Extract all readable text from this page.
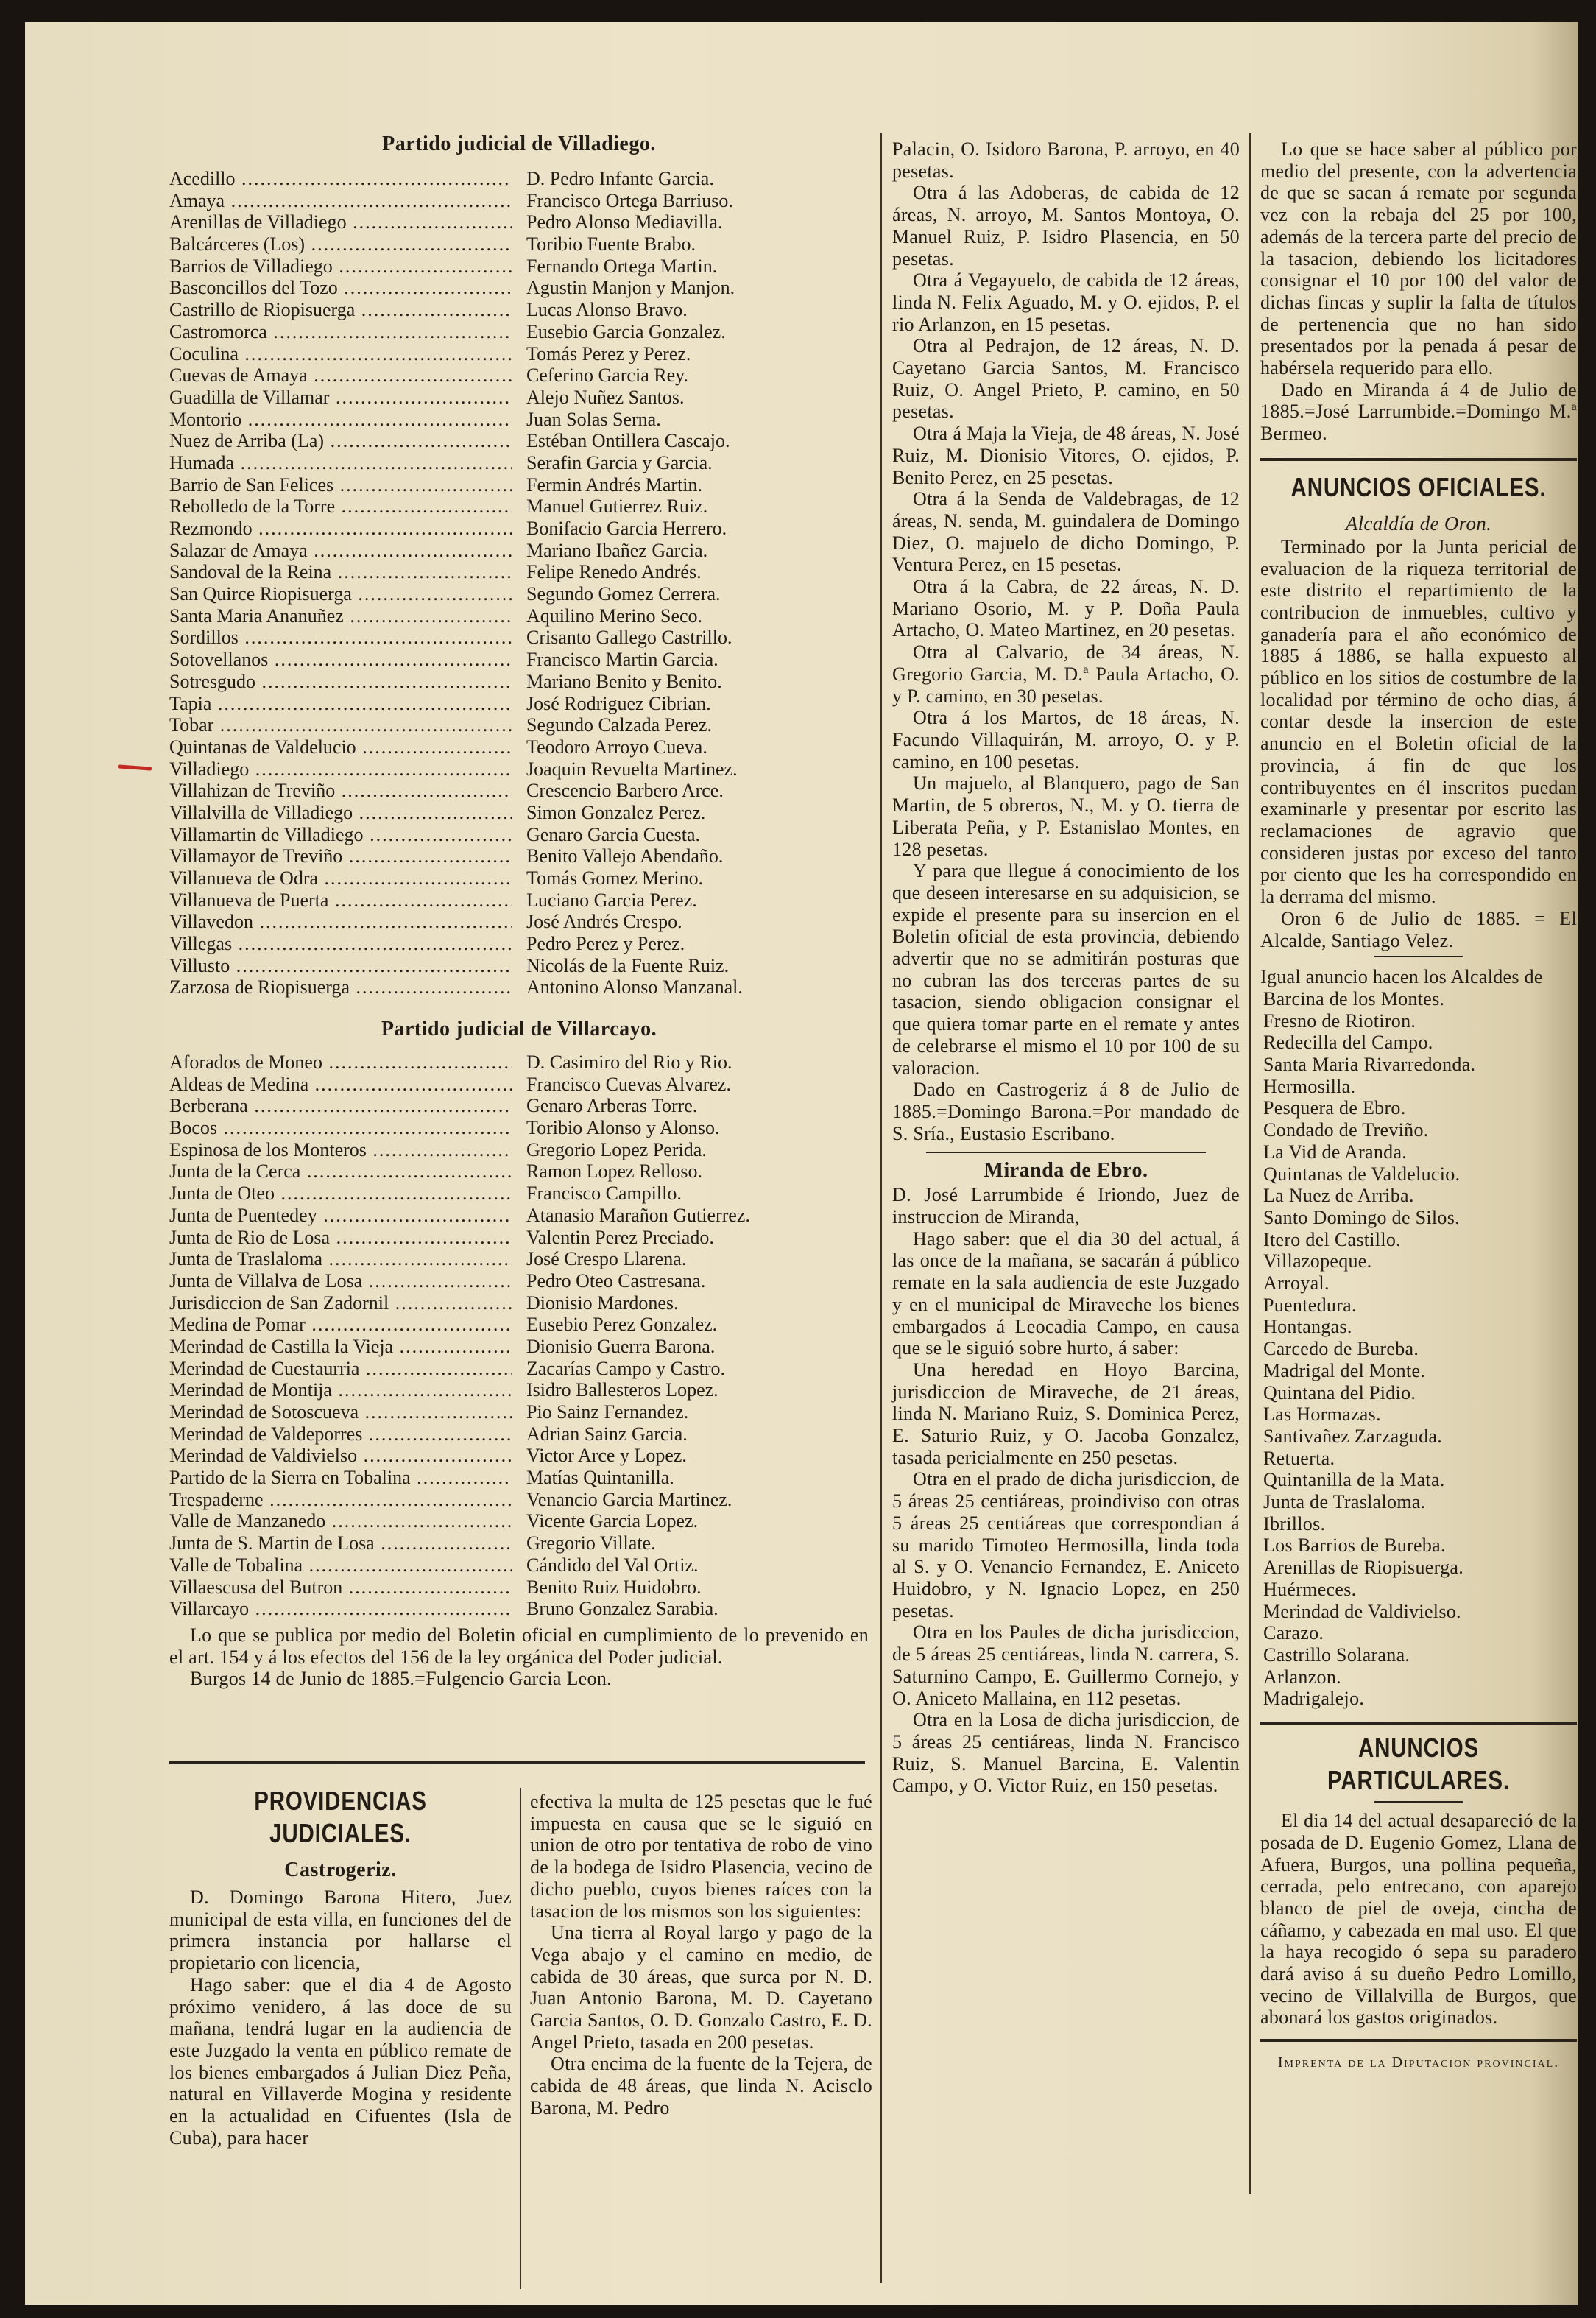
Partido judicial de Villadiego.
Acedillo .....	D. Pedro Infante Garcia.
Amaya .....	Francisco Ortega Barriuso.
Arenillas de Villadiego .....	Pedro Alonso Mediavilla.
Balcárceres (Los) .....	Toribio Fuente Brabo.
Barrios de Villadiego .....	Fernando Ortega Martin.
Basconcillos del Tozo .....	Agustin Manjon y Manjon.
Castrillo de Riopisuerga .....	Lucas Alonso Bravo.
Castromorca .....	Eusebio Garcia Gonzalez.
Coculina .....	Tomás Perez y Perez.
Cuevas de Amaya .....	Ceferino Garcia Rey.
Guadilla de Villamar .....	Alejo Nuñez Santos.
Montorio .....	Juan Solas Serna.
Nuez de Arriba (La) .....	Estéban Ontillera Cascajo.
Humada .....	Serafin Garcia y Garcia.
Barrio de San Felices .....	Fermin Andrés Martin.
Rebolledo de la Torre .....	Manuel Gutierrez Ruiz.
Rezmondo .....	Bonifacio Garcia Herrero.
Salazar de Amaya .....	Mariano Ibañez Garcia.
Sandoval de la Reina .....	Felipe Renedo Andrés.
San Quirce Riopisuerga .....	Segundo Gomez Cerrera.
Santa Maria Ananuñez .....	Aquilino Merino Seco.
Sordillos .....	Crisanto Gallego Castrillo.
Sotovellanos .....	Francisco Martin Garcia.
Sotresgudo .....	Mariano Benito y Benito.
Tapia .....	José Rodriguez Cibrian.
Tobar .....	Segundo Calzada Perez.
Quintanas de Valdelucio .....	Teodoro Arroyo Cueva.
Villadiego .....	Joaquin Revuelta Martinez.
Villahizan de Treviño .....	Crescencio Barbero Arce.
Villalvilla de Villadiego .....	Simon Gonzalez Perez.
Villamartin de Villadiego .....	Genaro Garcia Cuesta.
Villamayor de Treviño .....	Benito Vallejo Abendaño.
Villanueva de Odra .....	Tomás Gomez Merino.
Villanueva de Puerta .....	Luciano Garcia Perez.
Villavedon .....	José Andrés Crespo.
Villegas .....	Pedro Perez y Perez.
Villusto .....	Nicolás de la Fuente Ruiz.
Zarzosa de Riopisuerga .....	Antonino Alonso Manzanal.
Partido judicial de Villarcayo.
Aforados de Moneo .....	D. Casimiro del Rio y Rio.
Aldeas de Medina .....	Francisco Cuevas Alvarez.
Berberana .....	Genaro Arberas Torre.
Bocos .....	Toribio Alonso y Alonso.
Espinosa de los Monteros .....	Gregorio Lopez Perida.
Junta de la Cerca .....	Ramon Lopez Relloso.
Junta de Oteo .....	Francisco Campillo.
Junta de Puentedey .....	Atanasio Marañon Gutierrez.
Junta de Rio de Losa .....	Valentin Perez Preciado.
Junta de Traslaloma .....	José Crespo Llarena.
Junta de Villalva de Losa .....	Pedro Oteo Castresana.
Jurisdiccion de San Zadornil .....	Dionisio Mardones.
Medina de Pomar .....	Eusebio Perez Gonzalez.
Merindad de Castilla la Vieja .....	Dionisio Guerra Barona.
Merindad de Cuestaurria .....	Zacarías Campo y Castro.
Merindad de Montija .....	Isidro Ballesteros Lopez.
Merindad de Sotoscueva .....	Pio Sainz Fernandez.
Merindad de Valdeporres .....	Adrian Sainz Garcia.
Merindad de Valdivielso .....	Victor Arce y Lopez.
Partido de la Sierra en Tobalina .....	Matías Quintanilla.
Trespaderne .....	Venancio Garcia Martinez.
Valle de Manzanedo .....	Vicente Garcia Lopez.
Junta de S. Martin de Losa .....	Gregorio Villate.
Valle de Tobalina .....	Cándido del Val Ortiz.
Villaescusa del Butron .....	Benito Ruiz Huidobro.
Villarcayo .....	Bruno Gonzalez Sarabia.

Lo que se publica por medio del Boletin oficial en cumplimiento de lo prevenido en el art. 154 y á los efectos del 156 de la ley orgánica del Poder judicial.

Burgos 14 de Junio de 1885.=Fulgencio Garcia Leon.

PROVIDENCIAS JUDICIALES.
Castrogeriz.

D. Domingo Barona Hitero, Juez municipal de esta villa, en funciones del de primera instancia por hallarse el propietario con licencia,

Hago saber: que el dia 4 de Agosto próximo venidero, á las doce de su mañana, tendrá lugar en la audiencia de este Juzgado la venta en público remate de los bienes embargados á Julian Diez Peña, natural en Villaverde Mogina y residente en la actualidad en Cifuentes (Isla de Cuba), para hacer

efectiva la multa de 125 pesetas que le fué impuesta en causa que se le siguió en union de otro por tentativa de robo de vino de la bodega de Isidro Plasencia, vecino de dicho pueblo, cuyos bienes raíces con la tasacion de los mismos son los siguientes:

Una tierra al Royal largo y pago de la Vega abajo y el camino en medio, de cabida de 30 áreas, que surca por N. D. Juan Antonio Barona, M. D. Cayetano Garcia Santos, O. D. Gonzalo Castro, E. D. Angel Prieto, tasada en 200 pesetas.

Otra encima de la fuente de la Tejera, de cabida de 48 áreas, que linda N. Acisclo Barona, M. Pedro

Palacin, O. Isidoro Barona, P. arroyo, en 40 pesetas.

Otra á las Adoberas, de cabida de 12 áreas, N. arroyo, M. Santos Montoya, O. Manuel Ruiz, P. Isidro Plasencia, en 50 pesetas.

Otra á Vegayuelo, de cabida de 12 áreas, linda N. Felix Aguado, M. y O. ejidos, P. el rio Arlanzon, en 15 pesetas.

Otra al Pedrajon, de 12 áreas, N. D. Cayetano Garcia Santos, M. Francisco Ruiz, O. Angel Prieto, P. camino, en 50 pesetas.

Otra á Maja la Vieja, de 48 áreas, N. José Ruiz, M. Dionisio Vitores, O. ejidos, P. Benito Perez, en 25 pesetas.

Otra á la Senda de Valdebragas, de 12 áreas, N. senda, M. guindalera de Domingo Diez, O. majuelo de dicho Domingo, P. Ventura Perez, en 15 pesetas.

Otra á la Cabra, de 22 áreas, N. D. Mariano Osorio, M. y P. Doña Paula Artacho, O. Mateo Martinez, en 20 pesetas.

Otra al Calvario, de 34 áreas, N. Gregorio Garcia, M. D.ª Paula Artacho, O. y P. camino, en 30 pesetas.

Otra á los Martos, de 18 áreas, N. Facundo Villaquirán, M. arroyo, O. y P. camino, en 100 pesetas.

Un majuelo, al Blanquero, pago de San Martin, de 5 obreros, N., M. y O. tierra de Liberata Peña, y P. Estanislao Montes, en 128 pesetas.

Y para que llegue á conocimiento de los que deseen interesarse en su adquisicion, se expide el presente para su insercion en el Boletin oficial de esta provincia, debiendo advertir que no se admitirán posturas que no cubran las dos terceras partes de su tasacion, siendo obligacion consignar el que quiera tomar parte en el remate y antes de celebrarse el mismo el 10 por 100 de su valoracion.

Dado en Castrogeriz á 8 de Julio de 1885.=Domingo Barona.=Por mandado de S. Sría., Eustasio Escribano.

Miranda de Ebro.

D. José Larrumbide é Iriondo, Juez de instruccion de Miranda,

Hago saber: que el dia 30 del actual, á las once de la mañana, se sacarán á público remate en la sala audiencia de este Juzgado y en el municipal de Miraveche los bienes embargados á Leocadia Campo, en causa que se le siguió sobre hurto, á saber:

Una heredad en Hoyo Barcina, jurisdiccion de Miraveche, de 21 áreas, linda N. Mariano Ruiz, S. Dominica Perez, E. Saturio Ruiz, y O. Jacoba Gonzalez, tasada pericialmente en 250 pesetas.

Otra en el prado de dicha jurisdiccion, de 5 áreas 25 centiáreas, proindiviso con otras 5 áreas 25 centiáreas que correspondian á su marido Timoteo Hermosilla, linda toda al S. y O. Venancio Fernandez, E. Aniceto Huidobro, y N. Ignacio Lopez, en 250 pesetas.

Otra en los Paules de dicha jurisdiccion, de 5 áreas 25 centiáreas, linda N. carrera, S. Saturnino Campo, E. Guillermo Cornejo, y O. Aniceto Mallaina, en 112 pesetas.

Otra en la Losa de dicha jurisdiccion, de 5 áreas 25 centiáreas, linda N. Francisco Ruiz, S. Manuel Barcina, E. Valentin Campo, y O. Victor Ruiz, en 150 pesetas.

Lo que se hace saber al público por medio del presente, con la advertencia de que se sacan á remate por segunda vez con la rebaja del 25 por 100, además de la tercera parte del precio de la tasacion, debiendo los licitadores consignar el 10 por 100 del valor de dichas fincas y suplir la falta de títulos de pertenencia que no han sido presentados por la penada á pesar de habérsela requerido para ello.

Dado en Miranda á 4 de Julio de 1885.=José Larrumbide.=Domingo M.ª Bermeo.

ANUNCIOS OFICIALES.
Alcaldía de Oron.

Terminado por la Junta pericial de evaluacion de la riqueza territorial de este distrito el repartimiento de la contribucion de inmuebles, cultivo y ganadería para el año económico de 1885 á 1886, se halla expuesto al público en los sitios de costumbre de la localidad por término de ocho dias, á contar desde la insercion de este anuncio en el Boletin oficial de la provincia, á fin de que los contribuyentes en él inscritos puedan examinarle y presentar por escrito las reclamaciones de agravio que consideren justas por exceso del tanto por ciento que les ha correspondido en la derrama del mismo.

Oron 6 de Julio de 1885. = El Alcalde, Santiago Velez.

Igual anuncio hacen los Alcaldes de

Barcina de los Montes.

Fresno de Riotiron.

Redecilla del Campo.

Santa Maria Rivarredonda.

Hermosilla.

Pesquera de Ebro.

Condado de Treviño.

La Vid de Aranda.

Quintanas de Valdelucio.

La Nuez de Arriba.

Santo Domingo de Silos.

Itero del Castillo.

Villazopeque.

Arroyal.

Puentedura.

Hontangas.

Carcedo de Bureba.

Madrigal del Monte.

Quintana del Pidio.

Las Hormazas.

Santivañez Zarzaguda.

Retuerta.

Quintanilla de la Mata.

Junta de Traslaloma.

Ibrillos.

Los Barrios de Bureba.

Arenillas de Riopisuerga.

Huérmeces.

Merindad de Valdivielso.

Carazo.

Castrillo Solarana.

Arlanzon.

Madrigalejo.

ANUNCIOS PARTICULARES.

El dia 14 del actual desapareció de la posada de D. Eugenio Gomez, Llana de Afuera, Burgos, una pollina pequeña, cerrada, pelo entrecano, con aparejo blanco de piel de oveja, cincha de cáñamo, y cabezada en mal uso. El que la haya recogido ó sepa su paradero dará aviso á su dueño Pedro Lomillo, vecino de Villalvilla de Burgos, que abonará los gastos originados.

Imprenta de la Diputacion provincial.
